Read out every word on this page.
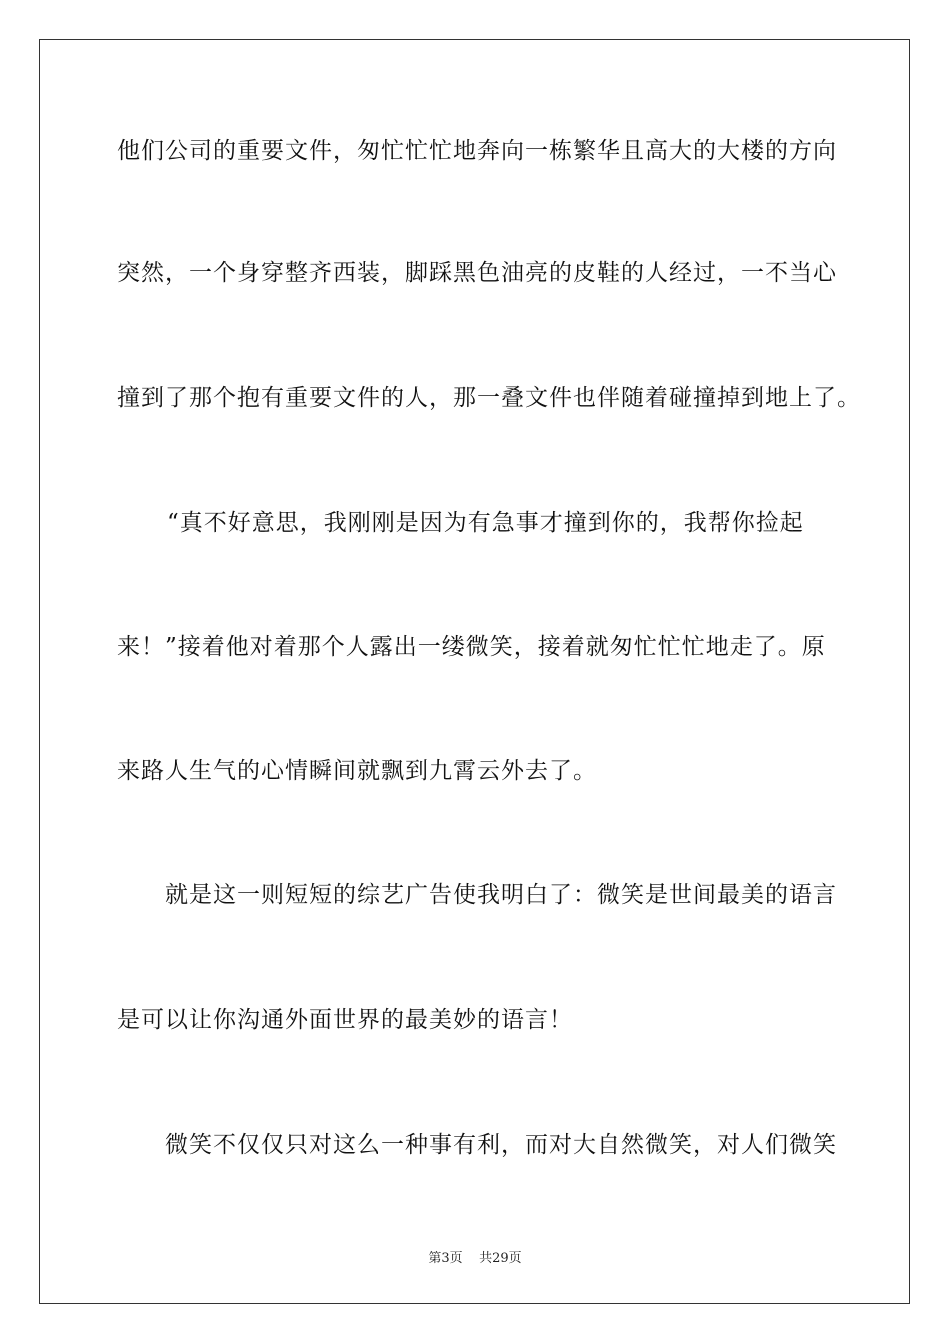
他们公司的重要文件，匆忙忙忙地奔向一栋繁华且高大的大楼的方向
突然，一个身穿整齐西装，脚踩黑色油亮的皮鞋的人经过，一不当心
撞到了那个抱有重要文件的人，那一叠文件也伴随着碰撞掉到地上了。
“真不好意思，我刚刚是因为有急事才撞到你的，我帮你捡起
来！”接着他对着那个人露出一缕微笑，接着就匆忙忙忙地走了。原
来路人生气的心情瞬间就飘到九霄云外去了。
就是这一则短短的综艺广告使我明白了：微笑是世间最美的语言
是可以让你沟通外面世界的最美妙的语言！
微笑不仅仅只对这么一种事有利，而对大自然微笑，对人们微笑
第3页 共29页
